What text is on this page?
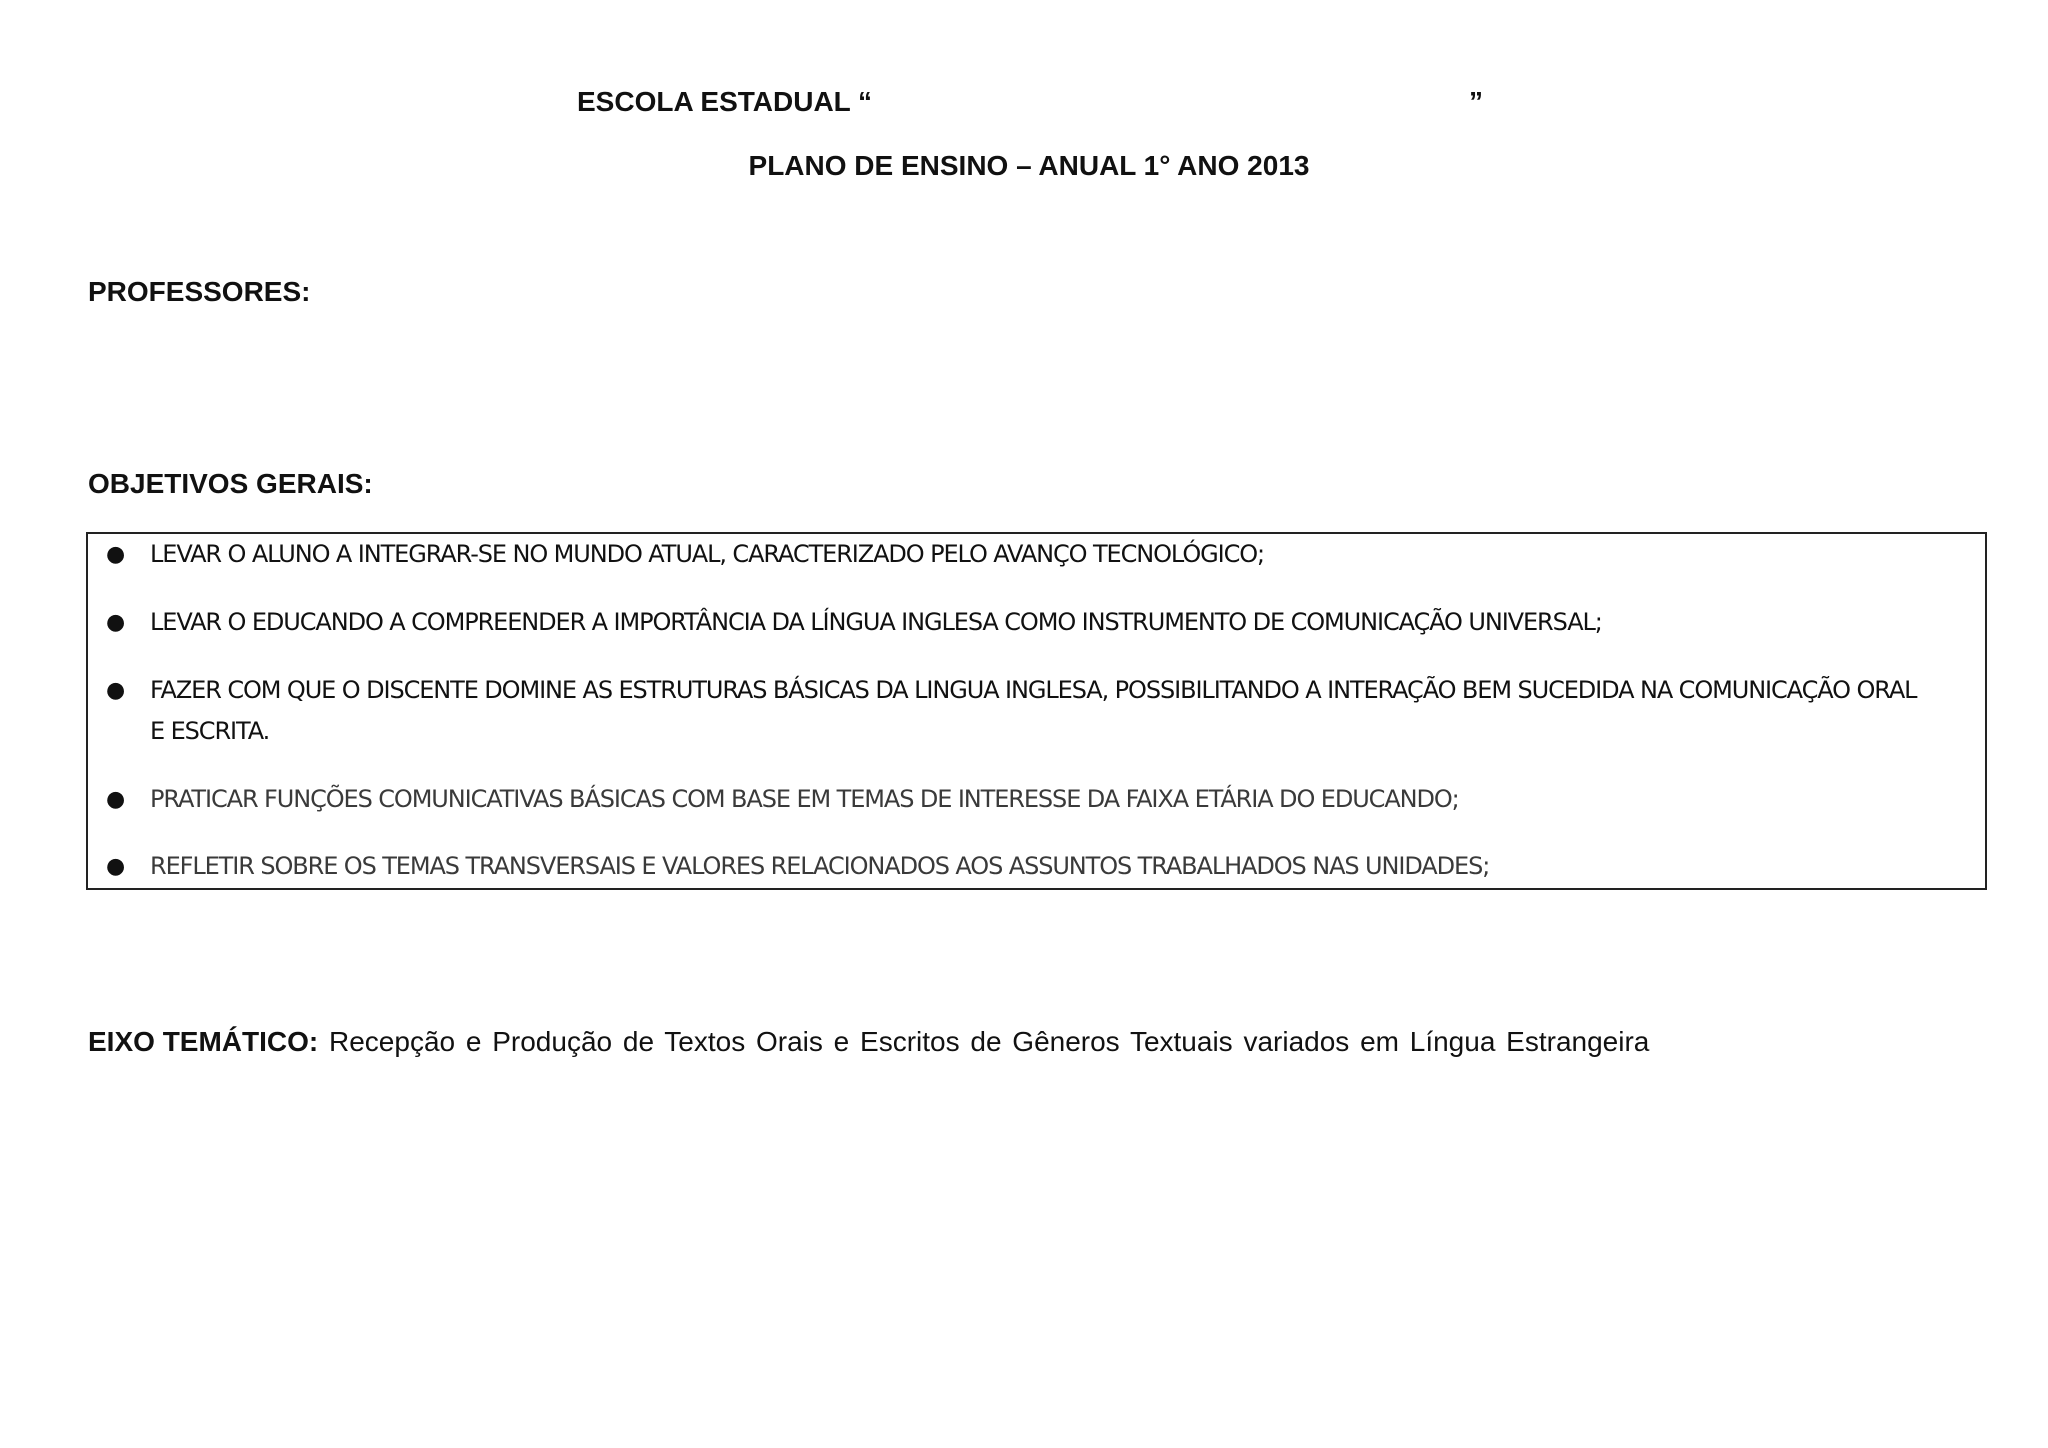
ESCOLA ESTADUAL “	”
PLANO DE ENSINO – ANUAL 1° ANO 2013
PROFESSORES:
OBJETIVOS GERAIS:
● LEVAR O ALUNO A INTEGRAR-SE NO MUNDO ATUAL, CARACTERIZADO PELO AVANÇO TECNOLÓGICO;
● LEVAR O EDUCANDO A COMPREENDER A IMPORTÂNCIA DA LÍNGUA INGLESA COMO INSTRUMENTO DE COMUNICAÇÃO UNIVERSAL;
● FAZER COM QUE O DISCENTE DOMINE AS ESTRUTURAS BÁSICAS DA LINGUA INGLESA, POSSIBILITANDO A INTERAÇÃO BEM SUCEDIDA NA COMUNICAÇÃO ORAL E ESCRITA.
● PRATICAR FUNÇÕES COMUNICATIVAS BÁSICAS COM BASE EM TEMAS DE INTERESSE DA FAIXA ETÁRIA DO EDUCANDO;
● REFLETIR SOBRE OS TEMAS TRANSVERSAIS E VALORES RELACIONADOS AOS ASSUNTOS TRABALHADOS NAS UNIDADES;
EIXO TEMÁTICO: Recepção e Produção de Textos Orais e Escritos de Gêneros Textuais variados em Língua Estrangeira
